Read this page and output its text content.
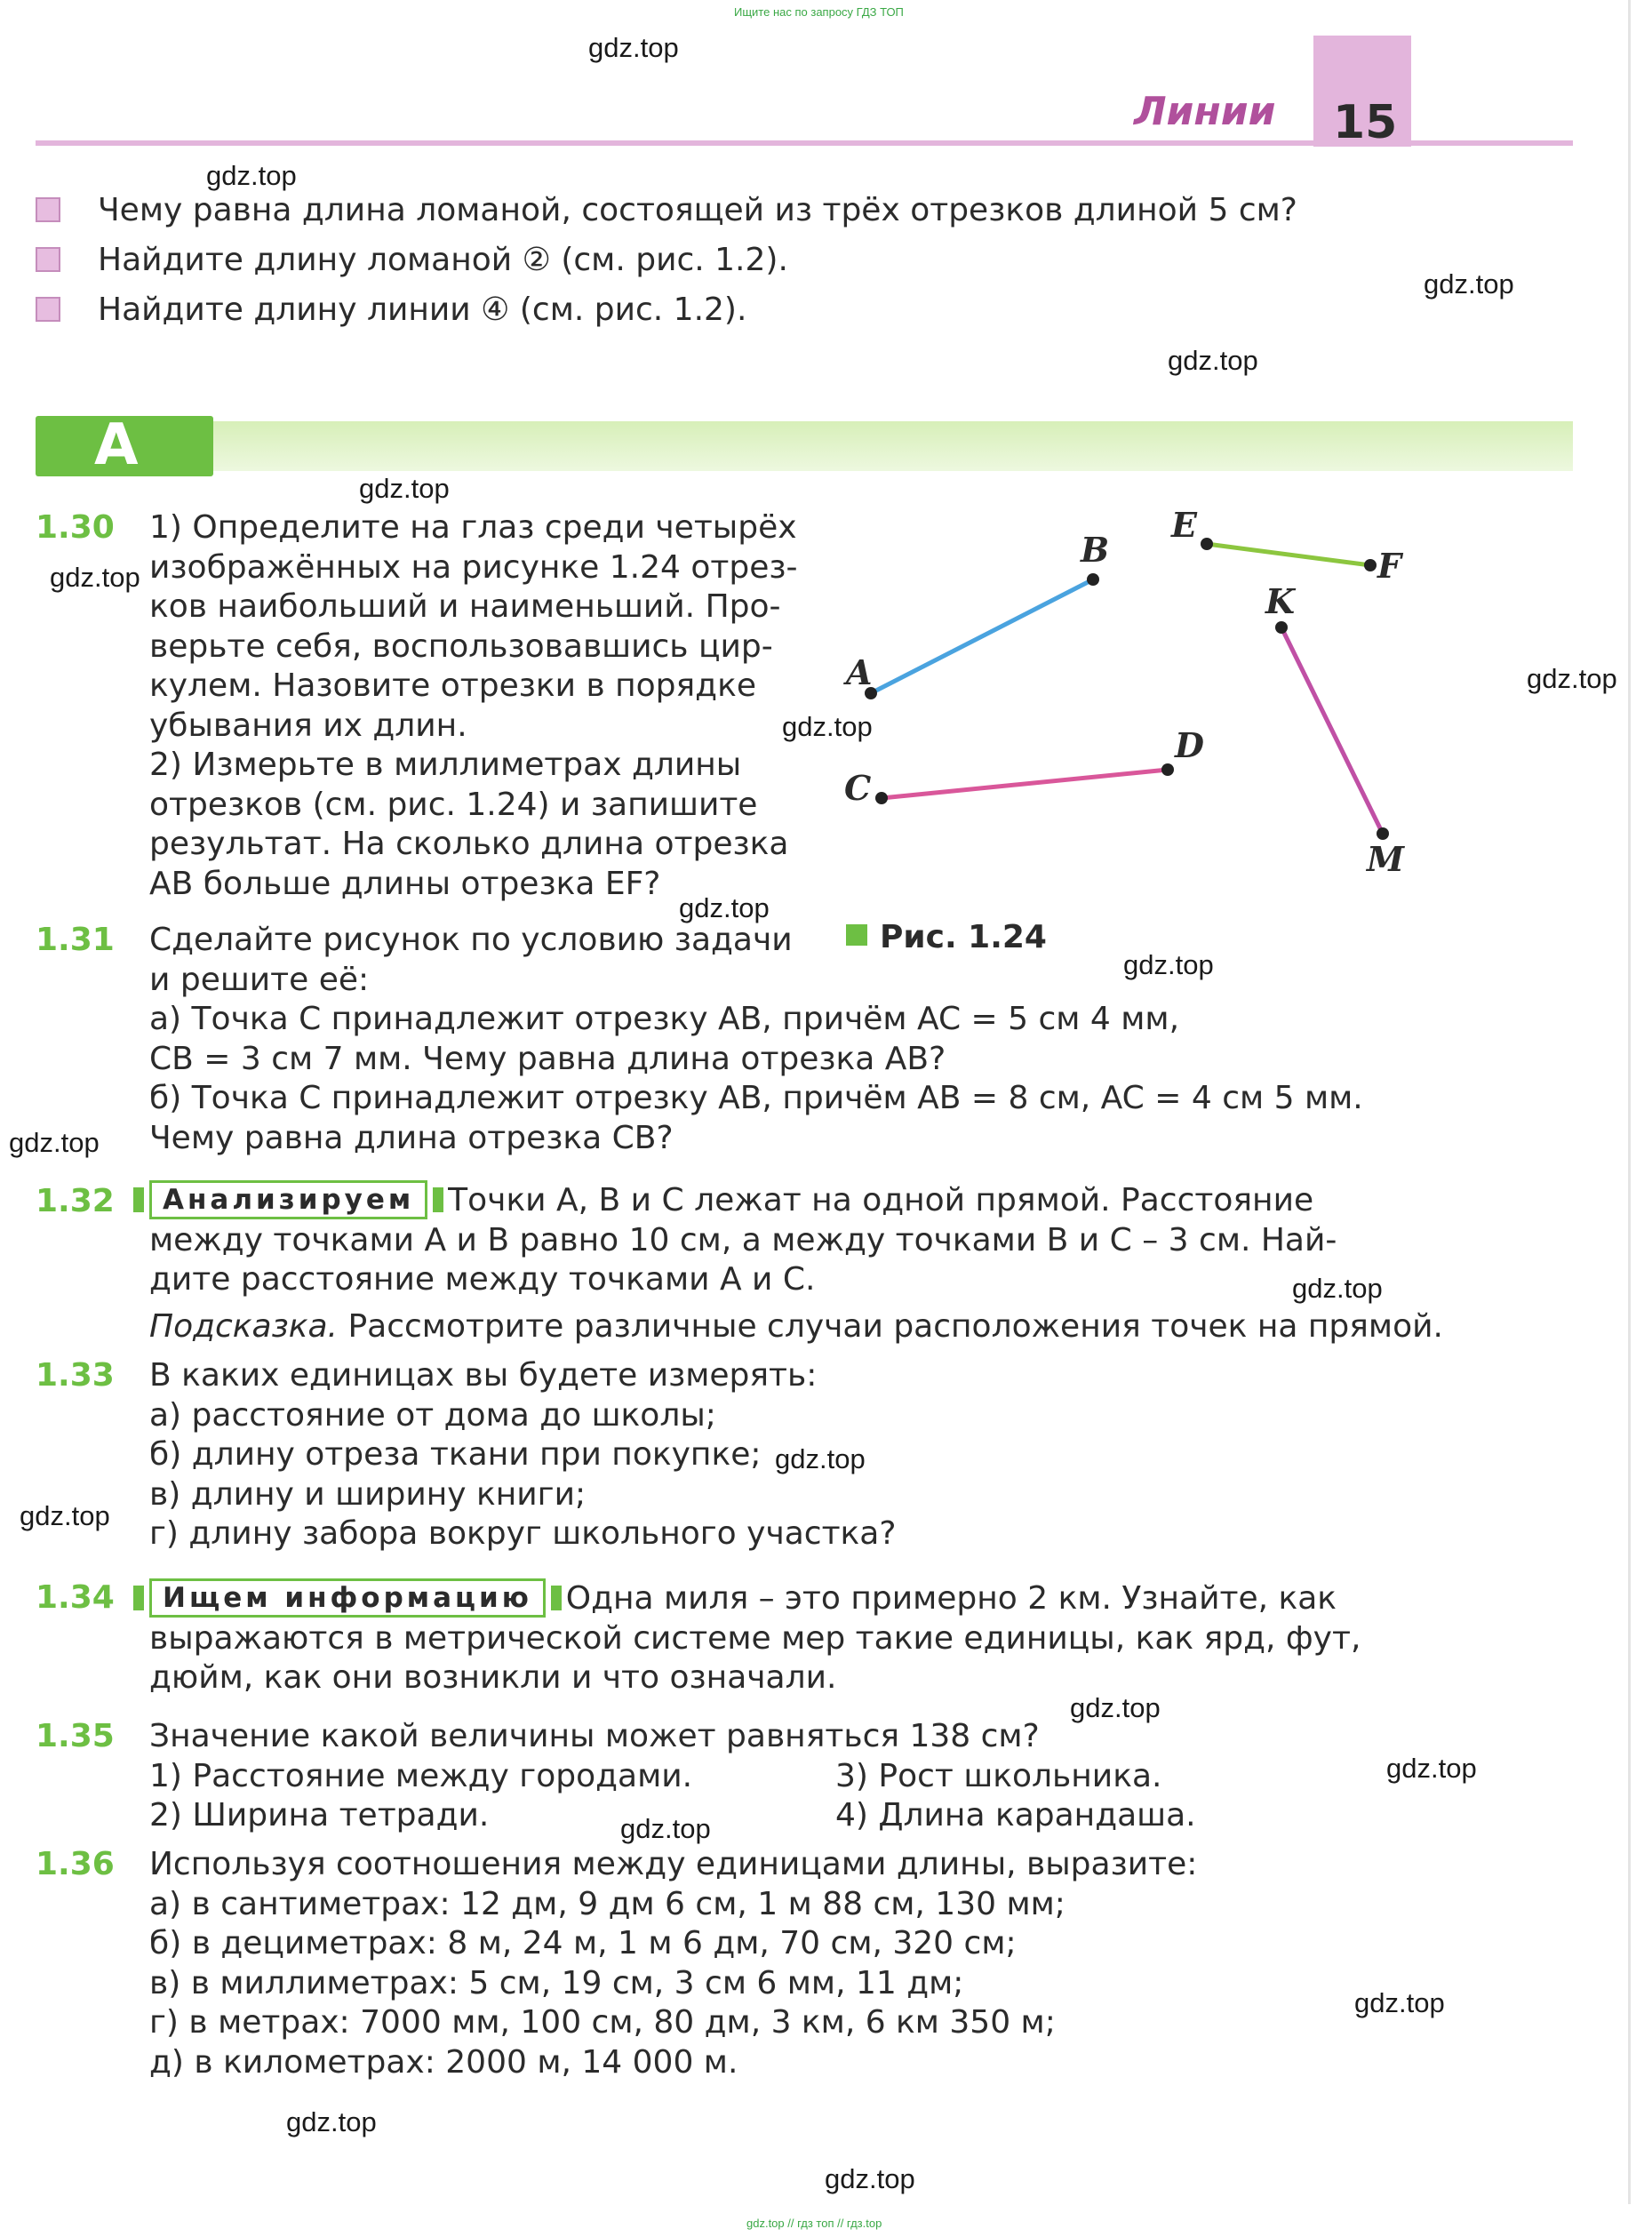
Ищите нас по запросу ГДЗ ТОП
Линии 15
Чему равна длина ломаной, состоящей из трёх отрезков длиной 5 см?
Найдите длину ломаной ② (см. рис. 1.2).
Найдите длину линии ④ (см. рис. 1.2).
A
1.30 1) Определите на глаз среди четырёх
изображённых на рисунке 1.24 отрез-
ков наибольший и наименьший. Про-
верьте себя, воспользовавшись цир-
кулем. Назовите отрезки в порядке
убывания их длин.
2) Измерьте в миллиметрах длины
отрезков (см. рис. 1.24) и запишите
результат. На сколько длина отрезка
AB больше длины отрезка EF?
A
B
E
F
C
D
K
M
Рис. 1.24
1.31 Сделайте рисунок по условию задачи
и решите её:
а) Точка C принадлежит отрезку AB, причём AC = 5 см 4 мм,
CB = 3 см 7 мм. Чему равна длина отрезка AB?
б) Точка C принадлежит отрезку AB, причём AB = 8 см, AC = 4 см 5 мм.
Чему равна длина отрезка CB?
1.32	Анализируем Точки A, B и C лежат на одной прямой. Расстояние
между точками A и B равно 10 см, а между точками B и C – 3 см. Най-
дите расстояние между точками A и C.
Подсказка. Рассмотрите различные случаи расположения точек на прямой.
1.33 В каких единицах вы будете измерять:
а) расстояние от дома до школы;
б) длину отреза ткани при покупке;
в) длину и ширину книги;
г) длину забора вокруг школьного участка?
1.34	Ищем информацию Одна миля – это примерно 2 км. Узнайте, как
выражаются в метрической системе мер такие единицы, как ярд, фут,
дюйм, как они возникли и что означали.
1.35 Значение какой величины может равняться 138 см?
1) Расстояние между городами.
2) Ширина тетради.
3) Рост школьника.
4) Длина карандаша.
1.36 Используя соотношения между единицами длины, выразите:
а) в сантиметрах: 12 дм, 9 дм 6 см, 1 м 88 см, 130 мм;
б) в дециметрах: 8 м, 24 м, 1 м 6 дм, 70 см, 320 см;
в) в миллиметрах: 5 см, 19 см, 3 см 6 мм, 11 дм;
г) в метрах: 7000 мм, 100 см, 80 дм, 3 км, 6 км 350 м;
д) в километрах: 2000 м, 14 000 м.
gdz.top
gdz.top
gdz.top
gdz.top
gdz.top
gdz.top
gdz.top
gdz.top
gdz.top
gdz.top
gdz.top
gdz.top
gdz.top
gdz.top
gdz.top
gdz.top
gdz.top
gdz.top
gdz.top
gdz.top
gdz.top // гдз топ // гдз.top
